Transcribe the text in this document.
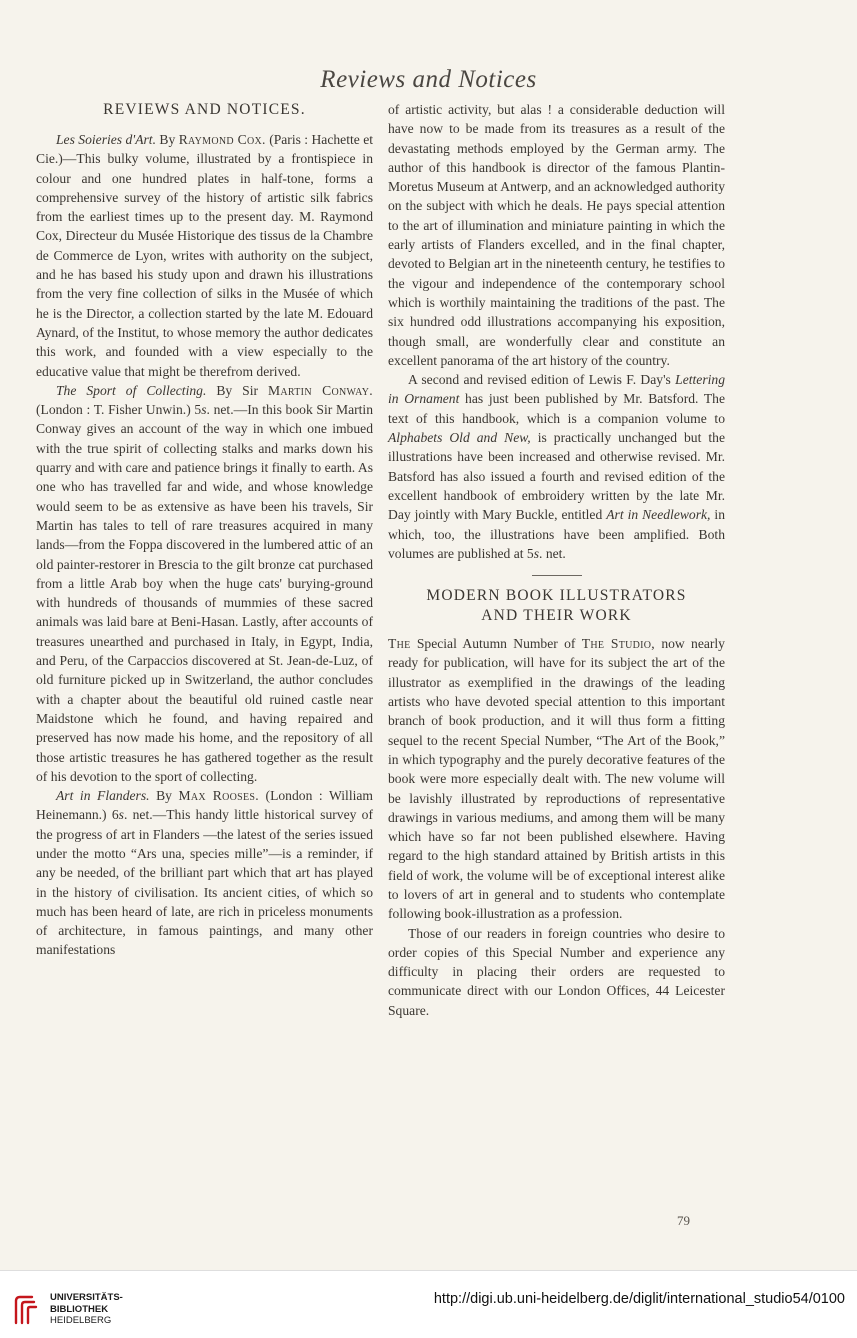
Reviews and Notices
REVIEWS AND NOTICES.

Les Soieries d'Art. By Raymond Cox. (Paris : Hachette et Cie.)—This bulky volume, illustrated by a frontispiece in colour and one hundred plates in half-tone, forms a comprehensive survey of the history of artistic silk fabrics from the earliest times up to the present day. M. Raymond Cox, Directeur du Musée Historique des tissus de la Chambre de Commerce de Lyon, writes with authority on the subject, and he has based his study upon and drawn his illustrations from the very fine collection of silks in the Musée of which he is the Director, a collection started by the late M. Edouard Aynard, of the Institut, to whose memory the author dedicates this work, and founded with a view especially to the educative value that might be therefrom derived.

The Sport of Collecting. By Sir Martin Conway. (London : T. Fisher Unwin.) 5s. net.—In this book Sir Martin Conway gives an account of the way in which one imbued with the true spirit of collecting stalks and marks down his quarry and with care and patience brings it finally to earth. As one who has travelled far and wide, and whose knowledge would seem to be as extensive as have been his travels, Sir Martin has tales to tell of rare treasures acquired in many lands—from the Foppa discovered in the lumbered attic of an old painter-restorer in Brescia to the gilt bronze cat purchased from a little Arab boy when the huge cats' burying-ground with hundreds of thousands of mummies of these sacred animals was laid bare at Beni-Hasan. Lastly, after accounts of treasures unearthed and purchased in Italy, in Egypt, India, and Peru, of the Carpaccios discovered at St. Jean-de-Luz, of old furniture picked up in Switzerland, the author concludes with a chapter about the beautiful old ruined castle near Maidstone which he found, and having repaired and preserved has now made his home, and the repository of all those artistic treasures he has gathered together as the result of his devotion to the sport of collecting.

Art in Flanders. By Max Rooses. (London : William Heinemann.) 6s. net.—This handy little historical survey of the progress of art in Flanders —the latest of the series issued under the motto “Ars una, species mille”—is a reminder, if any be needed, of the brilliant part which that art has played in the history of civilisation. Its ancient cities, of which so much has been heard of late, are rich in priceless monuments of architecture, in famous paintings, and many other manifestations

of artistic activity, but alas ! a considerable deduction will have now to be made from its treasures as a result of the devastating methods employed by the German army. The author of this handbook is director of the famous Plantin-Moretus Museum at Antwerp, and an acknowledged authority on the subject with which he deals. He pays special attention to the art of illumination and miniature painting in which the early artists of Flanders excelled, and in the final chapter, devoted to Belgian art in the nineteenth century, he testifies to the vigour and independence of the contemporary school which is worthily maintaining the traditions of the past. The six hundred odd illustrations accompanying his exposition, though small, are wonderfully clear and constitute an excellent panorama of the art history of the country.

A second and revised edition of Lewis F. Day's Lettering in Ornament has just been published by Mr. Batsford. The text of this handbook, which is a companion volume to Alphabets Old and New, is practically unchanged but the illustrations have been increased and otherwise revised. Mr. Batsford has also issued a fourth and revised edition of the excellent handbook of embroidery written by the late Mr. Day jointly with Mary Buckle, entitled Art in Needlework, in which, too, the illustrations have been amplified. Both volumes are published at 5s. net.

MODERN BOOK ILLUSTRATORS
AND THEIR WORK

The Special Autumn Number of The Studio, now nearly ready for publication, will have for its subject the art of the illustrator as exemplified in the drawings of the leading artists who have devoted special attention to this important branch of book production, and it will thus form a fitting sequel to the recent Special Number, “The Art of the Book,” in which typography and the purely decorative features of the book were more especially dealt with. The new volume will be lavishly illustrated by reproductions of representative drawings in various mediums, and among them will be many which have so far not been published elsewhere. Having regard to the high standard attained by British artists in this field of work, the volume will be of exceptional interest alike to lovers of art in general and to students who contemplate following book-illustration as a profession.

Those of our readers in foreign countries who desire to order copies of this Special Number and experience any difficulty in placing their orders are requested to communicate direct with our London Offices, 44 Leicester Square.

79
UNIVERSITÄTS-
BIBLIOTHEK
HEIDELBERG
http://digi.ub.uni-heidelberg.de/diglit/international_studio54/0100
